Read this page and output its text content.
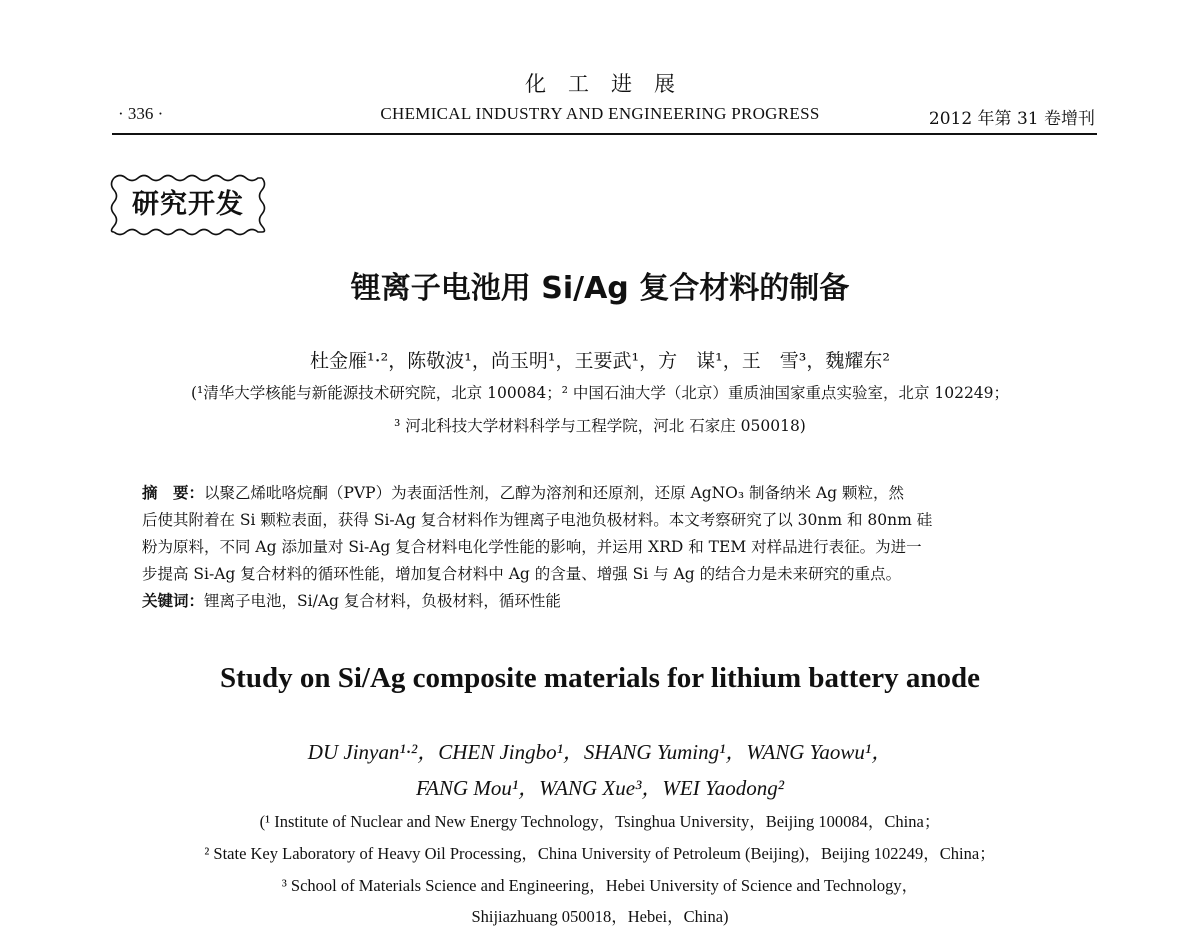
化工进展
CHEMICAL INDUSTRY AND ENGINEERING PROGRESS
· 336 ·	2012 年第 31 卷增刊
研究开发
锂离子电池用 Si/Ag 复合材料的制备
杜金雁¹·²，陈敬波¹，尚玉明¹，王要武¹，方　谋¹，王　雪³，魏耀东²
(¹清华大学核能与新能源技术研究院，北京 100084；² 中国石油大学（北京）重质油国家重点实验室，北京 102249；
³ 河北科技大学材料科学与工程学院，河北 石家庄 050018)
摘　要：以聚乙烯吡咯烷酮（PVP）为表面活性剂，乙醇为溶剂和还原剂，还原 AgNO₃ 制备纳米 Ag 颗粒，然
后使其附着在 Si 颗粒表面，获得 Si-Ag 复合材料作为锂离子电池负极材料。本文考察研究了以 30nm 和 80nm 硅
粉为原料，不同 Ag 添加量对 Si-Ag 复合材料电化学性能的影响，并运用 XRD 和 TEM 对样品进行表征。为进一
步提高 Si-Ag 复合材料的循环性能，增加复合材料中 Ag 的含量、增强 Si 与 Ag 的结合力是未来研究的重点。
关键词：锂离子电池，Si/Ag 复合材料，负极材料，循环性能
Study on Si/Ag composite materials for lithium battery anode
DU Jinyan¹·²，CHEN Jingbo¹，SHANG Yuming¹，WANG Yaowu¹，
FANG Mou¹，WANG Xue³，WEI Yaodong²
(¹ Institute of Nuclear and New Energy Technology，Tsinghua University，Beijing 100084，China；
² State Key Laboratory of Heavy Oil Processing，China University of Petroleum (Beijing)，Beijing 102249，China；
³ School of Materials Science and Engineering，Hebei University of Science and Technology，
Shijiazhuang 050018，Hebei，China)
